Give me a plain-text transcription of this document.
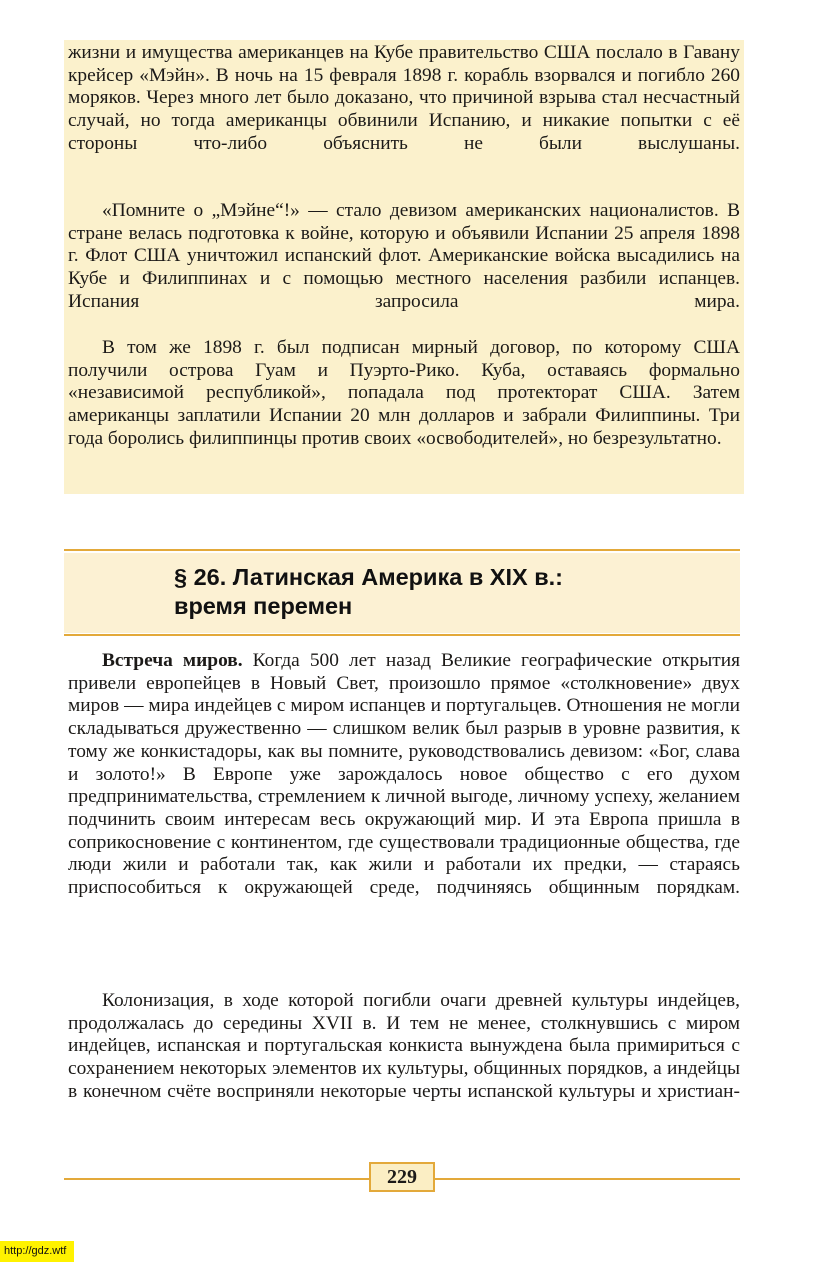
жизни и имущества американцев на Кубе правительство США послало в Гавану крейсер «Мэйн». В ночь на 15 февраля 1898 г. корабль взорвался и погибло 260 моряков. Через много лет было доказано, что причиной взрыва стал несчастный случай, но тогда американцы обвинили Испанию, и никакие попытки с её стороны что-либо объяснить не были выслушаны.

«Помните о „Мэйне“!» — стало девизом американских националистов. В стране велась подготовка к войне, которую и объявили Испании 25 апреля 1898 г. Флот США уничтожил испанский флот. Американские войска высадились на Кубе и Филиппинах и с помощью местного населения разбили испанцев. Испания запросила мира.

В том же 1898 г. был подписан мирный договор, по которому США получили острова Гуам и Пуэрто-Рико. Куба, оставаясь формально «независимой республикой», попадала под протекторат США. Затем американцы заплатили Испании 20 млн долларов и забрали Филиппины. Три года боролись филиппинцы против своих «освободителей», но безрезультатно.

§ 26. Латинская Америка в XIX в.:
время перемен

Встреча миров. Когда 500 лет назад Великие географические открытия привели европейцев в Новый Свет, произошло прямое «столкновение» двух миров — мира индейцев с миром испанцев и португальцев. Отношения не могли складываться дружественно — слишком велик был разрыв в уровне развития, к тому же конкистадоры, как вы помните, руководствовались девизом: «Бог, слава и золото!» В Европе уже зарождалось новое общество с его духом предпринимательства, стремлением к личной выгоде, личному успеху, желанием подчинить своим интересам весь окружающий мир. И эта Европа пришла в соприкосновение с континентом, где существовали традиционные общества, где люди жили и работали так, как жили и работали их предки, — стараясь приспособиться к окружающей среде, подчиняясь общинным порядкам.

Колонизация, в ходе которой погибли очаги древней культуры индейцев, продолжалась до середины XVII в. И тем не менее, столкнувшись с миром индейцев, испанская и португальская конкиста вынуждена была примириться с сохранением некоторых элементов их культуры, общинных порядков, а индейцы в конечном счёте восприняли некоторые черты испанской культуры и христиан-

229
http://gdz.wtf
